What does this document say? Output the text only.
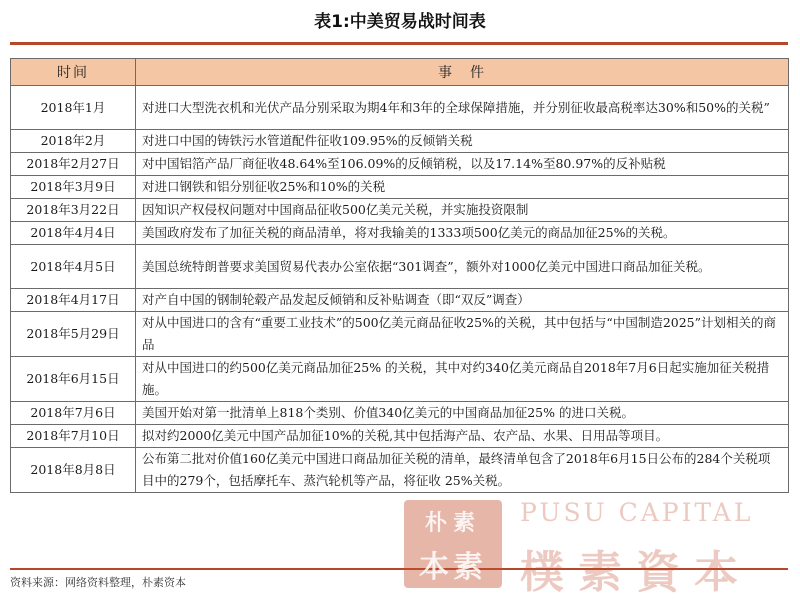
表1:中美贸易战时间表
时间	事　件
2018年1月	对进口大型洗衣机和光伏产品分别采取为期4年和3年的全球保障措施，并分别征收最高税率达30%和50%的关税”
2018年2月	对进口中国的铸铁污水管道配件征收109.95%的反倾销关税
2018年2月27日	对中国铝箔产品厂商征收48.64%至106.09%的反倾销税，以及17.14%至80.97%的反补贴税
2018年3月9日	对进口钢铁和铝分别征收25%和10%的关税
2018年3月22日	因知识产权侵权问题对中国商品征收500亿美元关税，并实施投资限制
2018年4月4日	美国政府发布了加征关税的商品清单，将对我输美的1333项500亿美元的商品加征25%的关税。
2018年4月5日	美国总统特朗普要求美国贸易代表办公室依据“301调查”，额外对1000亿美元中国进口商品加征关税。
2018年4月17日	对产自中国的钢制轮毂产品发起反倾销和反补贴调查（即“双反”调查）
2018年5月29日	对从中国进口的含有“重要工业技术”的500亿美元商品征收25%的关税，其中包括与“中国制造2025”计划相关的商品
2018年6月15日	对从中国进口的约500亿美元商品加征25% 的关税，其中对约340亿美元商品自2018年7月6日起实施加征关税措施。
2018年7月6日	美国开始对第一批清单上818个类别、价值340亿美元的中国商品加征25% 的进口关税。
2018年7月10日	拟对约2000亿美元中国产品加征10%的关税,其中包括海产品、农产品、水果、日用品等项目。
2018年8月8日	公布第二批对价值160亿美元中国进口商品加征关税的清单，最终清单包含了2018年6月15日公布的284个关税项目中的279个，包括摩托车、蒸汽轮机等产品，将征收 25%关税。
资料来源：网络资料整理，朴素资本
朴素
本素
PUSU CAPITAL
樸素資本
